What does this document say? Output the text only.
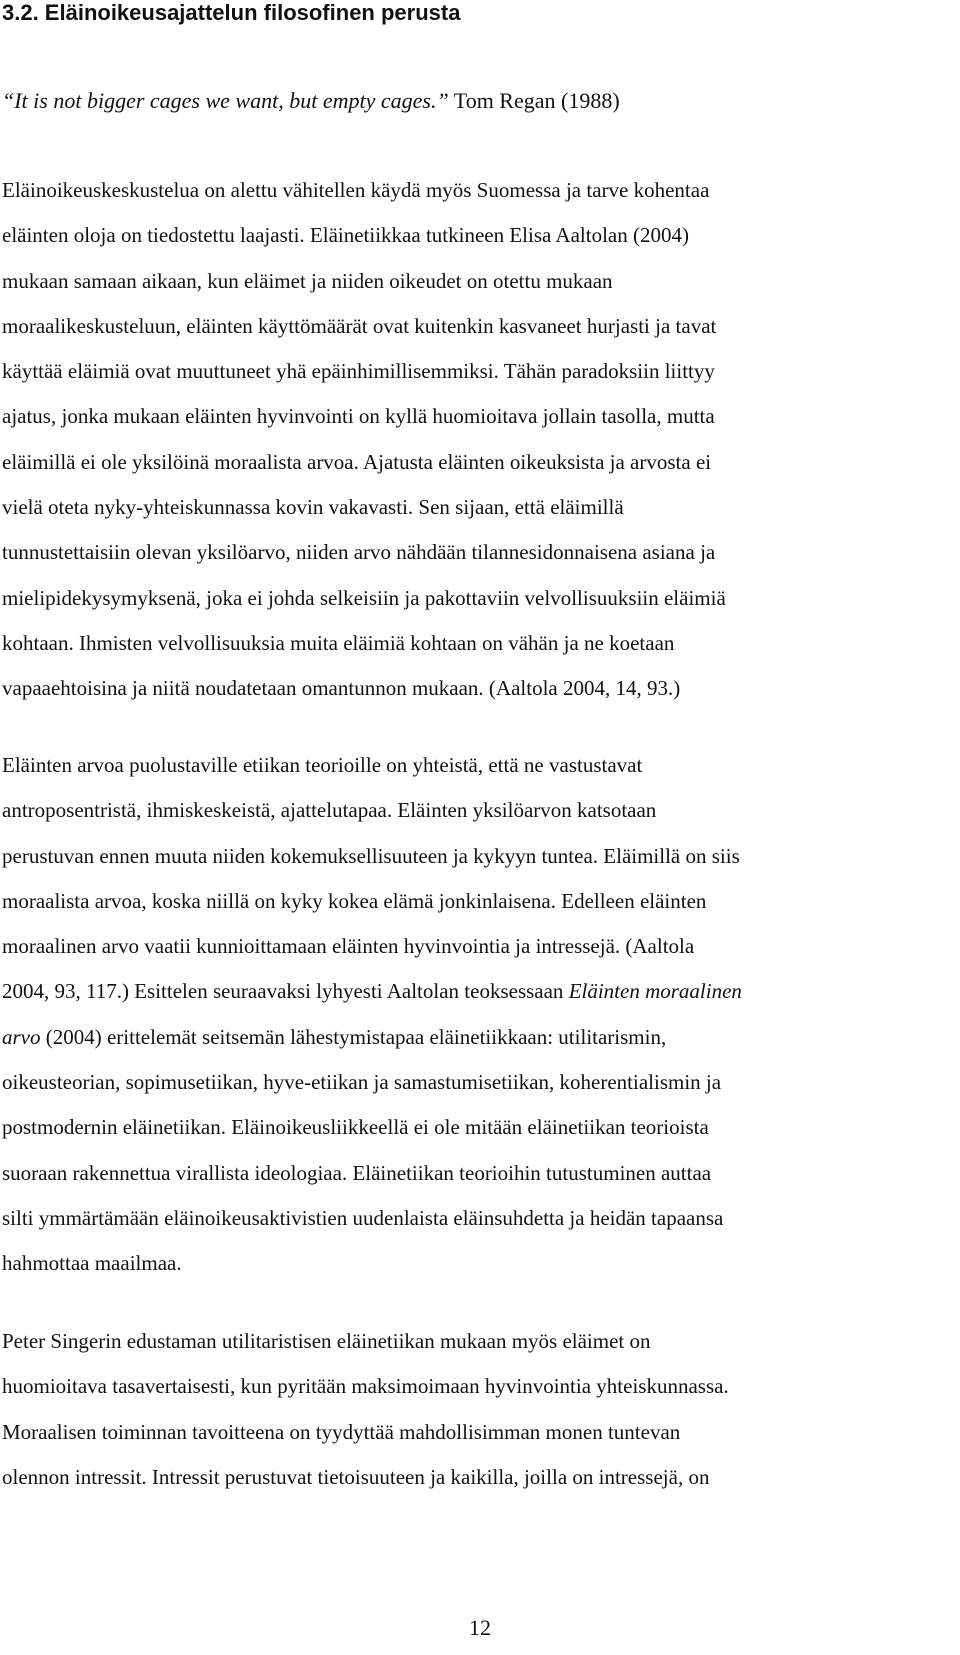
3.2. Eläinoikeusajattelun filosofinen perusta

“It is not bigger cages we want, but empty cages.” Tom Regan (1988)

Eläinoikeuskeskustelua on alettu vähitellen käydä myös Suomessa ja tarve kohentaa
eläinten oloja on tiedostettu laajasti. Eläinetiikkaa tutkineen Elisa Aaltolan (2004)
mukaan samaan aikaan, kun eläimet ja niiden oikeudet on otettu mukaan
moraalikeskusteluun, eläinten käyttömäärät ovat kuitenkin kasvaneet hurjasti ja tavat
käyttää eläimiä ovat muuttuneet yhä epäinhimillisemmiksi. Tähän paradoksiin liittyy
ajatus, jonka mukaan eläinten hyvinvointi on kyllä huomioitava jollain tasolla, mutta
eläimillä ei ole yksilöinä moraalista arvoa. Ajatusta eläinten oikeuksista ja arvosta ei
vielä oteta nyky-yhteiskunnassa kovin vakavasti. Sen sijaan, että eläimillä
tunnustettaisiin olevan yksilöarvo, niiden arvo nähdään tilannesidonnaisena asiana ja
mielipidekysymyksenä, joka ei johda selkeisiin ja pakottaviin velvollisuuksiin eläimiä
kohtaan. Ihmisten velvollisuuksia muita eläimiä kohtaan on vähän ja ne koetaan
vapaaehtoisina ja niitä noudatetaan omantunnon mukaan. (Aaltola 2004, 14, 93.)

Eläinten arvoa puolustaville etiikan teorioille on yhteistä, että ne vastustavat
antroposentristä, ihmiskeskeistä, ajattelutapaa. Eläinten yksilöarvon katsotaan
perustuvan ennen muuta niiden kokemuksellisuuteen ja kykyyn tuntea. Eläimillä on siis
moraalista arvoa, koska niillä on kyky kokea elämä jonkinlaisena. Edelleen eläinten
moraalinen arvo vaatii kunnioittamaan eläinten hyvinvointia ja intressejä. (Aaltola
2004, 93, 117.) Esittelen seuraavaksi lyhyesti Aaltolan teoksessaan Eläinten moraalinen
arvo (2004) erittelemät seitsemän lähestymistapaa eläinetiikkaan: utilitarismin,
oikeusteorian, sopimusetiikan, hyve-etiikan ja samastumisetiikan, koherentialismin ja
postmodernin eläinetiikan. Eläinoikeusliikkeellä ei ole mitään eläinetiikan teorioista
suoraan rakennettua virallista ideologiaa. Eläinetiikan teorioihin tutustuminen auttaa
silti ymmärtämään eläinoikeusaktivistien uudenlaista eläinsuhdetta ja heidän tapaansa
hahmottaa maailmaa.

Peter Singerin edustaman utilitaristisen eläinetiikan mukaan myös eläimet on
huomioitava tasavertaisesti, kun pyritään maksimoimaan hyvinvointia yhteiskunnassa.
Moraalisen toiminnan tavoitteena on tyydyttää mahdollisimman monen tuntevan
olennon intressit. Intressit perustuvat tietoisuuteen ja kaikilla, joilla on intressejä, on

12
